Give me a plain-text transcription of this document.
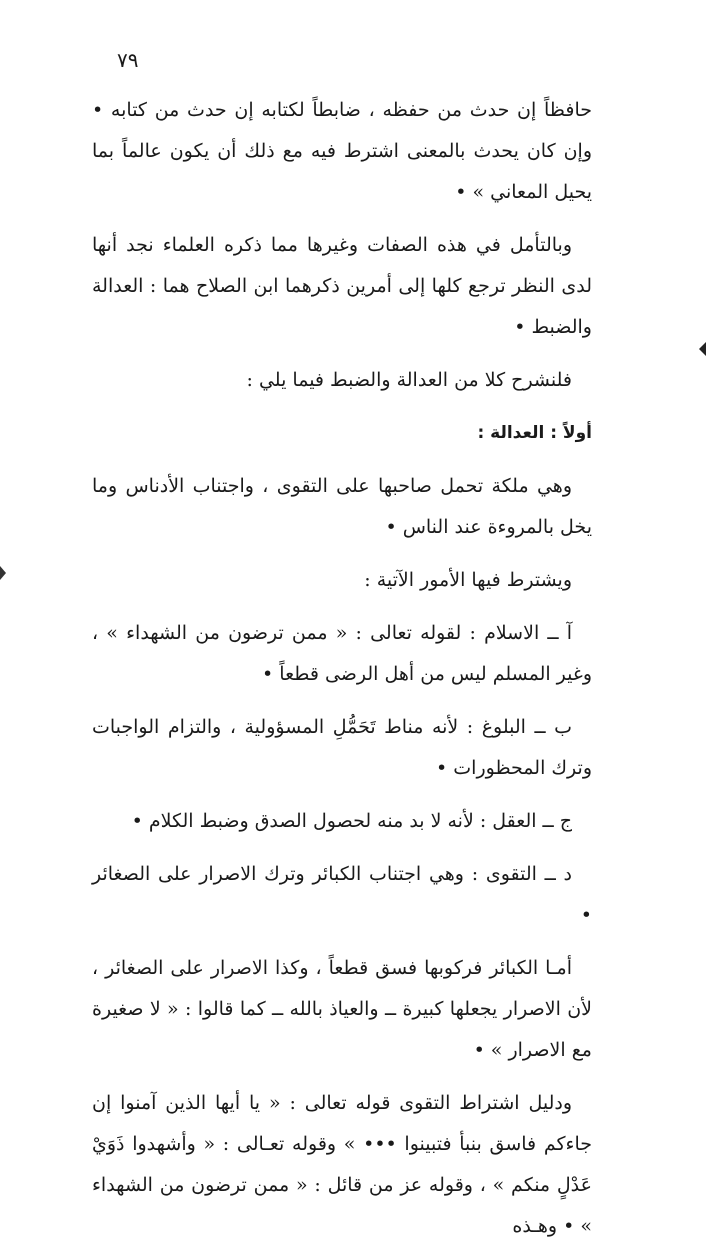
٧٩

حافظاً إن حدث من حفظه ، ضابطاً لكتابه إن حدث من كتابه • وإن كان يحدث بالمعنى اشترط فيه مع ذلك أن يكون عالماً بما يحيل المعاني » •

وبالتأمل في هذه الصفات وغيرها مما ذكره العلماء نجد أنها لدى النظر ترجع كلها إلى أمرين ذكرهما ابن الصلاح هما : العدالة والضبط •

فلنشرح كلا من العدالة والضبط فيما يلي :

أولاً : العدالة :

وهي ملكة تحمل صاحبها على التقوى ، واجتناب الأدناس وما يخل بالمروءة عند الناس •

ويشترط فيها الأمور الآتية :

آ ــ الاسلام : لقوله تعالى : « ممن ترضون من الشهداء » ، وغير المسلم ليس من أهل الرضى قطعاً •

ب ــ البلوغ : لأنه مناط تَحَمُّلِ المسؤولية ، والتزام الواجبات وترك المحظورات •

ج ــ العقل : لأنه لا بد منه لحصول الصدق وضبط الكلام •

د ــ التقوى : وهي اجتناب الكبائر وترك الاصرار على الصغائر •

أمـا الكبائر فركوبها فسق قطعاً ، وكذا الاصرار على الصغائر ، لأن الاصرار يجعلها كبيرة ــ والعياذ بالله ــ كما قالوا : « لا صغيرة مع الاصرار » •

ودليل اشتراط التقوى قوله تعالى : « يا أيها الذين آمنوا إن جاءكم فاسق بنبأ فتبينوا ••• » وقوله تعـالى : « وأشهدوا ذَوَيْ عَدْلٍ منكم » ، وقوله عز من قائل : « ممن ترضون من الشهداء » • وهـذه
